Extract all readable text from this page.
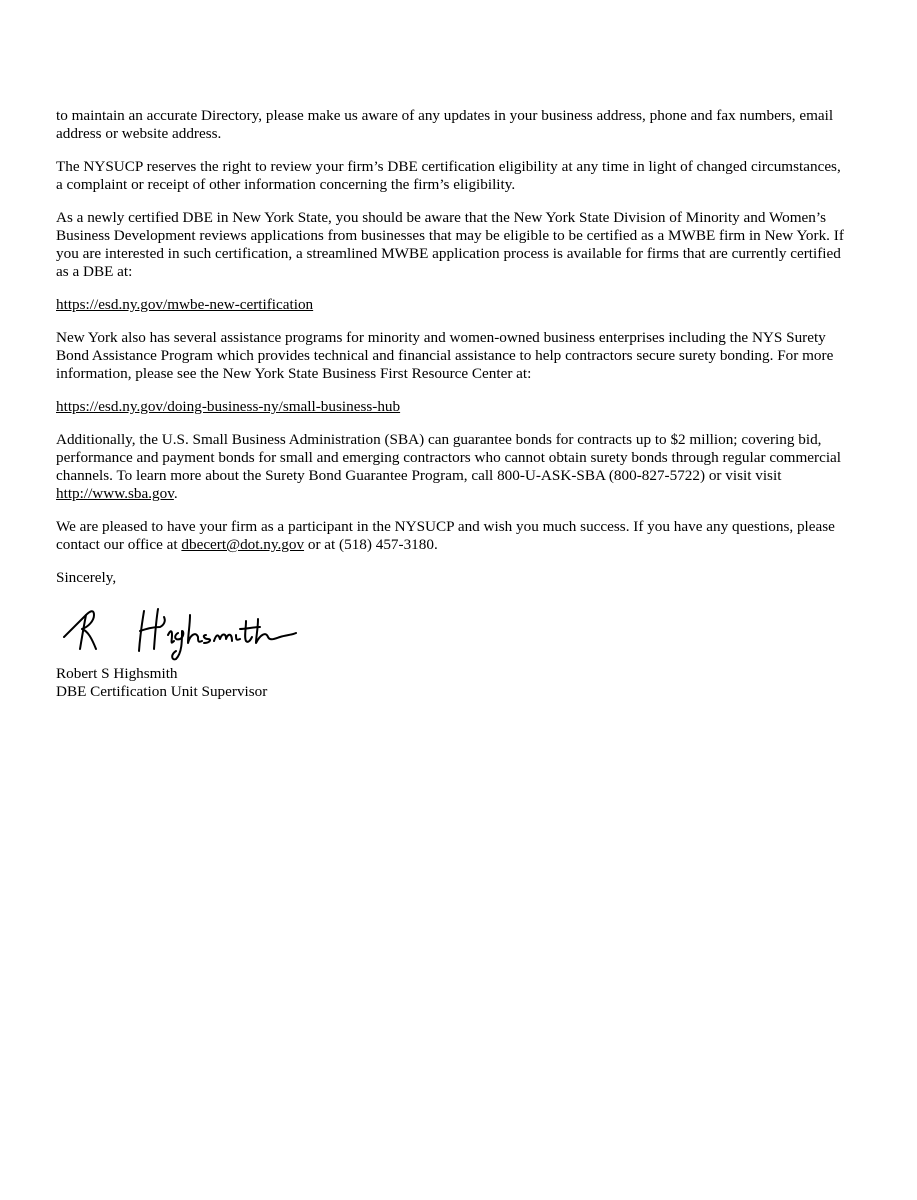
to maintain an accurate Directory, please make us aware of any updates in your business address, phone and fax numbers, email address or website address.

The NYSUCP reserves the right to review your firm’s DBE certification eligibility at any time in light of changed circumstances, a complaint or receipt of other information concerning the firm’s eligibility.

As a newly certified DBE in New York State, you should be aware that the New York State Division of Minority and Women’s Business Development reviews applications from businesses that may be eligible to be certified as a MWBE firm in New York. If you are interested in such certification, a streamlined MWBE application process is available for firms that are currently certified as a DBE at:

https://esd.ny.gov/mwbe-new-certification

New York also has several assistance programs for minority and women-owned business enterprises including the NYS Surety Bond Assistance Program which provides technical and financial assistance to help contractors secure surety bonding. For more information, please see the New York State Business First Resource Center at:

https://esd.ny.gov/doing-business-ny/small-business-hub

Additionally, the U.S. Small Business Administration (SBA) can guarantee bonds for contracts up to $2 million; covering bid, performance and payment bonds for small and emerging contractors who cannot obtain surety bonds through regular commercial channels. To learn more about the Surety Bond Guarantee Program, call 800-U-ASK-SBA (800-827-5722) or visit visit http://www.sba.gov.

We are pleased to have your firm as a participant in the NYSUCP and wish you much success. If you have any questions, please contact our office at dbecert@dot.ny.gov or at (518) 457-3180.

Sincerely,

Robert S Highsmith

DBE Certification Unit Supervisor
